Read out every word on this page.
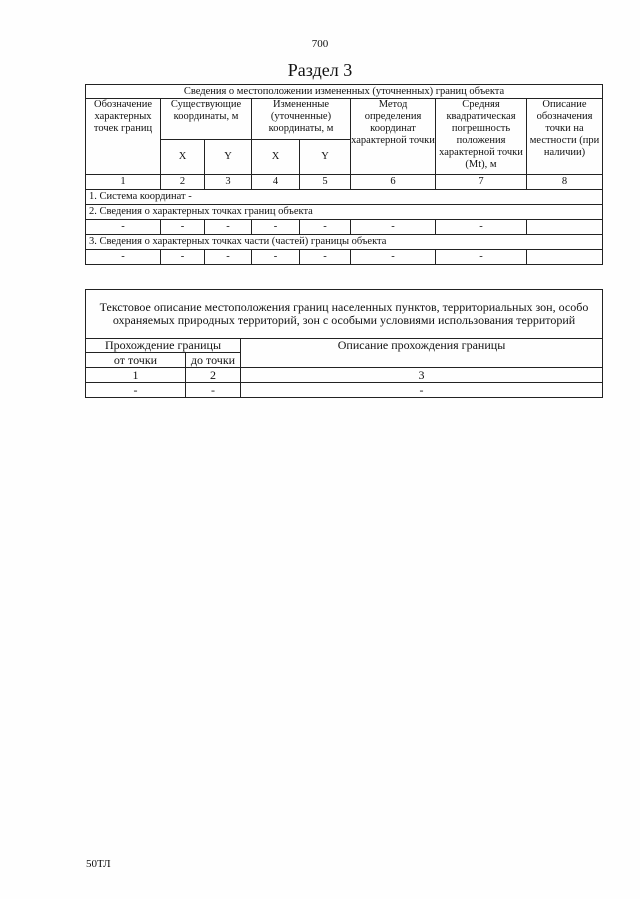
700
Раздел 3
Сведения о местоположении измененных (уточненных) границ объекта							
Обозначение характерных точек границ	Существующие координаты, м		Измененные (уточненные) координаты, м		Метод определения координат характерной точки	Средняя квадратическая погрешность положения характерной точки (Mt), м	Описание обозначения точки на местности (при наличии)
	X	Y	X	Y			
1	2	3	4	5	6	7	8
1. Система координат -							
2. Сведения о характерных точках границ объекта							
-	-	-	-	-	-	-	
3. Сведения о характерных точках части (частей) границы объекта							
-	-	-	-	-	-	-	
Текстовое описание местоположения границ населенных пунктов, территориальных зон, особо охраняемых природных территорий, зон с особыми условиями использования территорий		
Прохождение границы		Описание прохождения границы
от точки	до точки	
1	2	3
-	-	-
50ТЛ
